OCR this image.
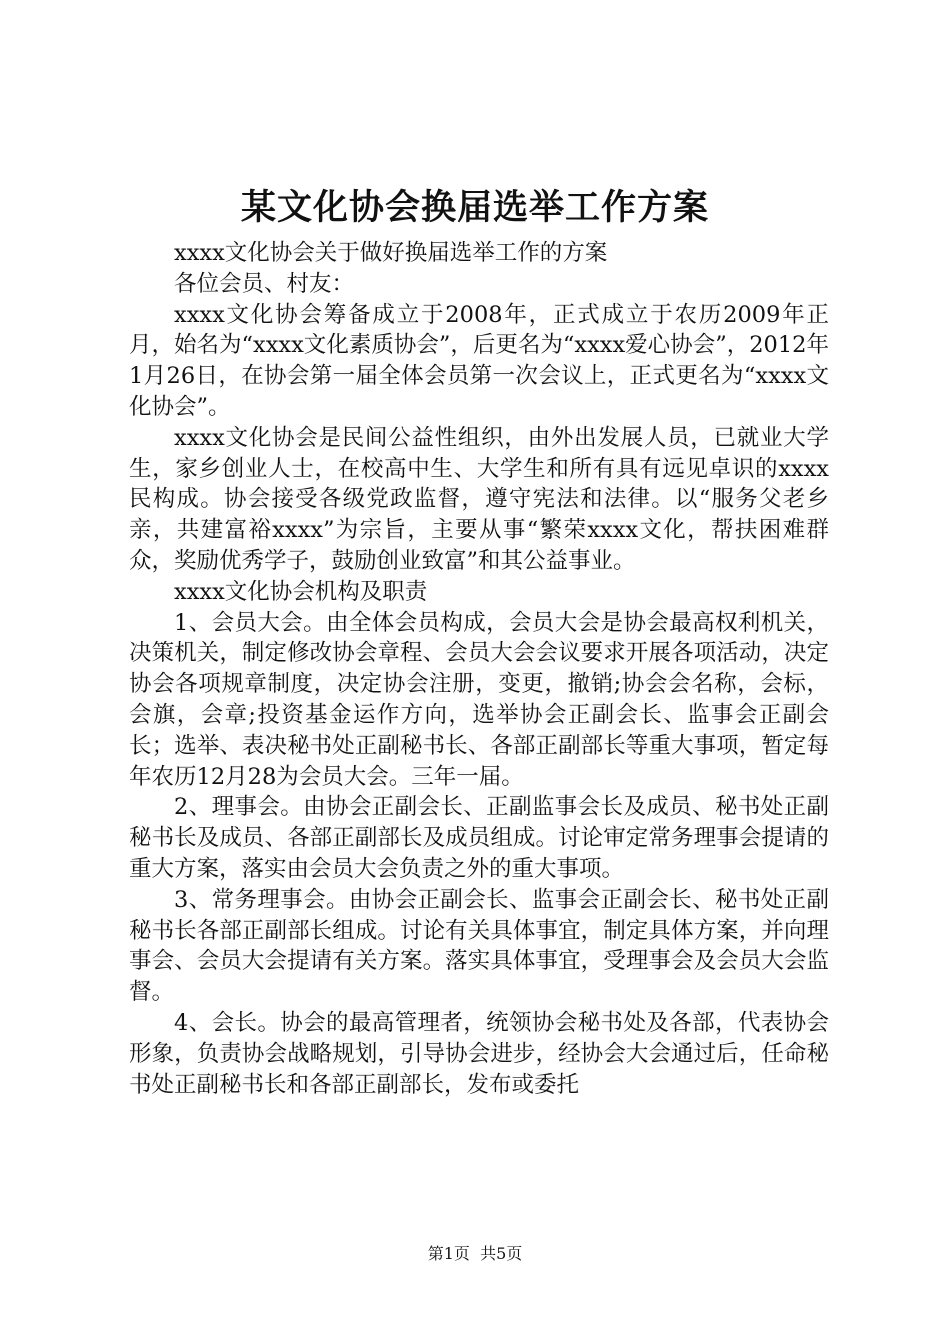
某文化协会换届选举工作方案

xxxx文化协会关于做好换届选举工作的方案

各位会员、村友：

xxxx文化协会筹备成立于2008年，正式成立于农历2009年正月，始名为“xxxx文化素质协会”，后更名为“xxxx爱心协会”，2012年1月26日，在协会第一届全体会员第一次会议上，正式更名为“xxxx文化协会”。

xxxx文化协会是民间公益性组织，由外出发展人员，已就业大学生，家乡创业人士，在校高中生、大学生和所有具有远见卓识的xxxx民构成。协会接受各级党政监督，遵守宪法和法律。以“服务父老乡亲，共建富裕xxxx”为宗旨，主要从事“繁荣xxxx文化，帮扶困难群众，奖励优秀学子，鼓励创业致富”和其公益事业。

xxxx文化协会机构及职责

1、会员大会。由全体会员构成，会员大会是协会最高权利机关，决策机关，制定修改协会章程、会员大会会议要求开展各项活动，决定协会各项规章制度，决定协会注册，变更，撤销;协会会名称，会标，会旗，会章;投资基金运作方向，选举协会正副会长、监事会正副会长；选举、表决秘书处正副秘书长、各部正副部长等重大事项，暂定每年农历12月28为会员大会。三年一届。

2、理事会。由协会正副会长、正副监事会长及成员、秘书处正副秘书长及成员、各部正副部长及成员组成。讨论审定常务理事会提请的重大方案，落实由会员大会负责之外的重大事项。

3、常务理事会。由协会正副会长、监事会正副会长、秘书处正副秘书长各部正副部长组成。讨论有关具体事宜，制定具体方案，并向理事会、会员大会提请有关方案。落实具体事宜，受理事会及会员大会监督。

4、会长。协会的最高管理者，统领协会秘书处及各部，代表协会形象，负责协会战略规划，引导协会进步，经协会大会通过后，任命秘书处正副秘书长和各部正副部长，发布或委托

第1页 共5页
